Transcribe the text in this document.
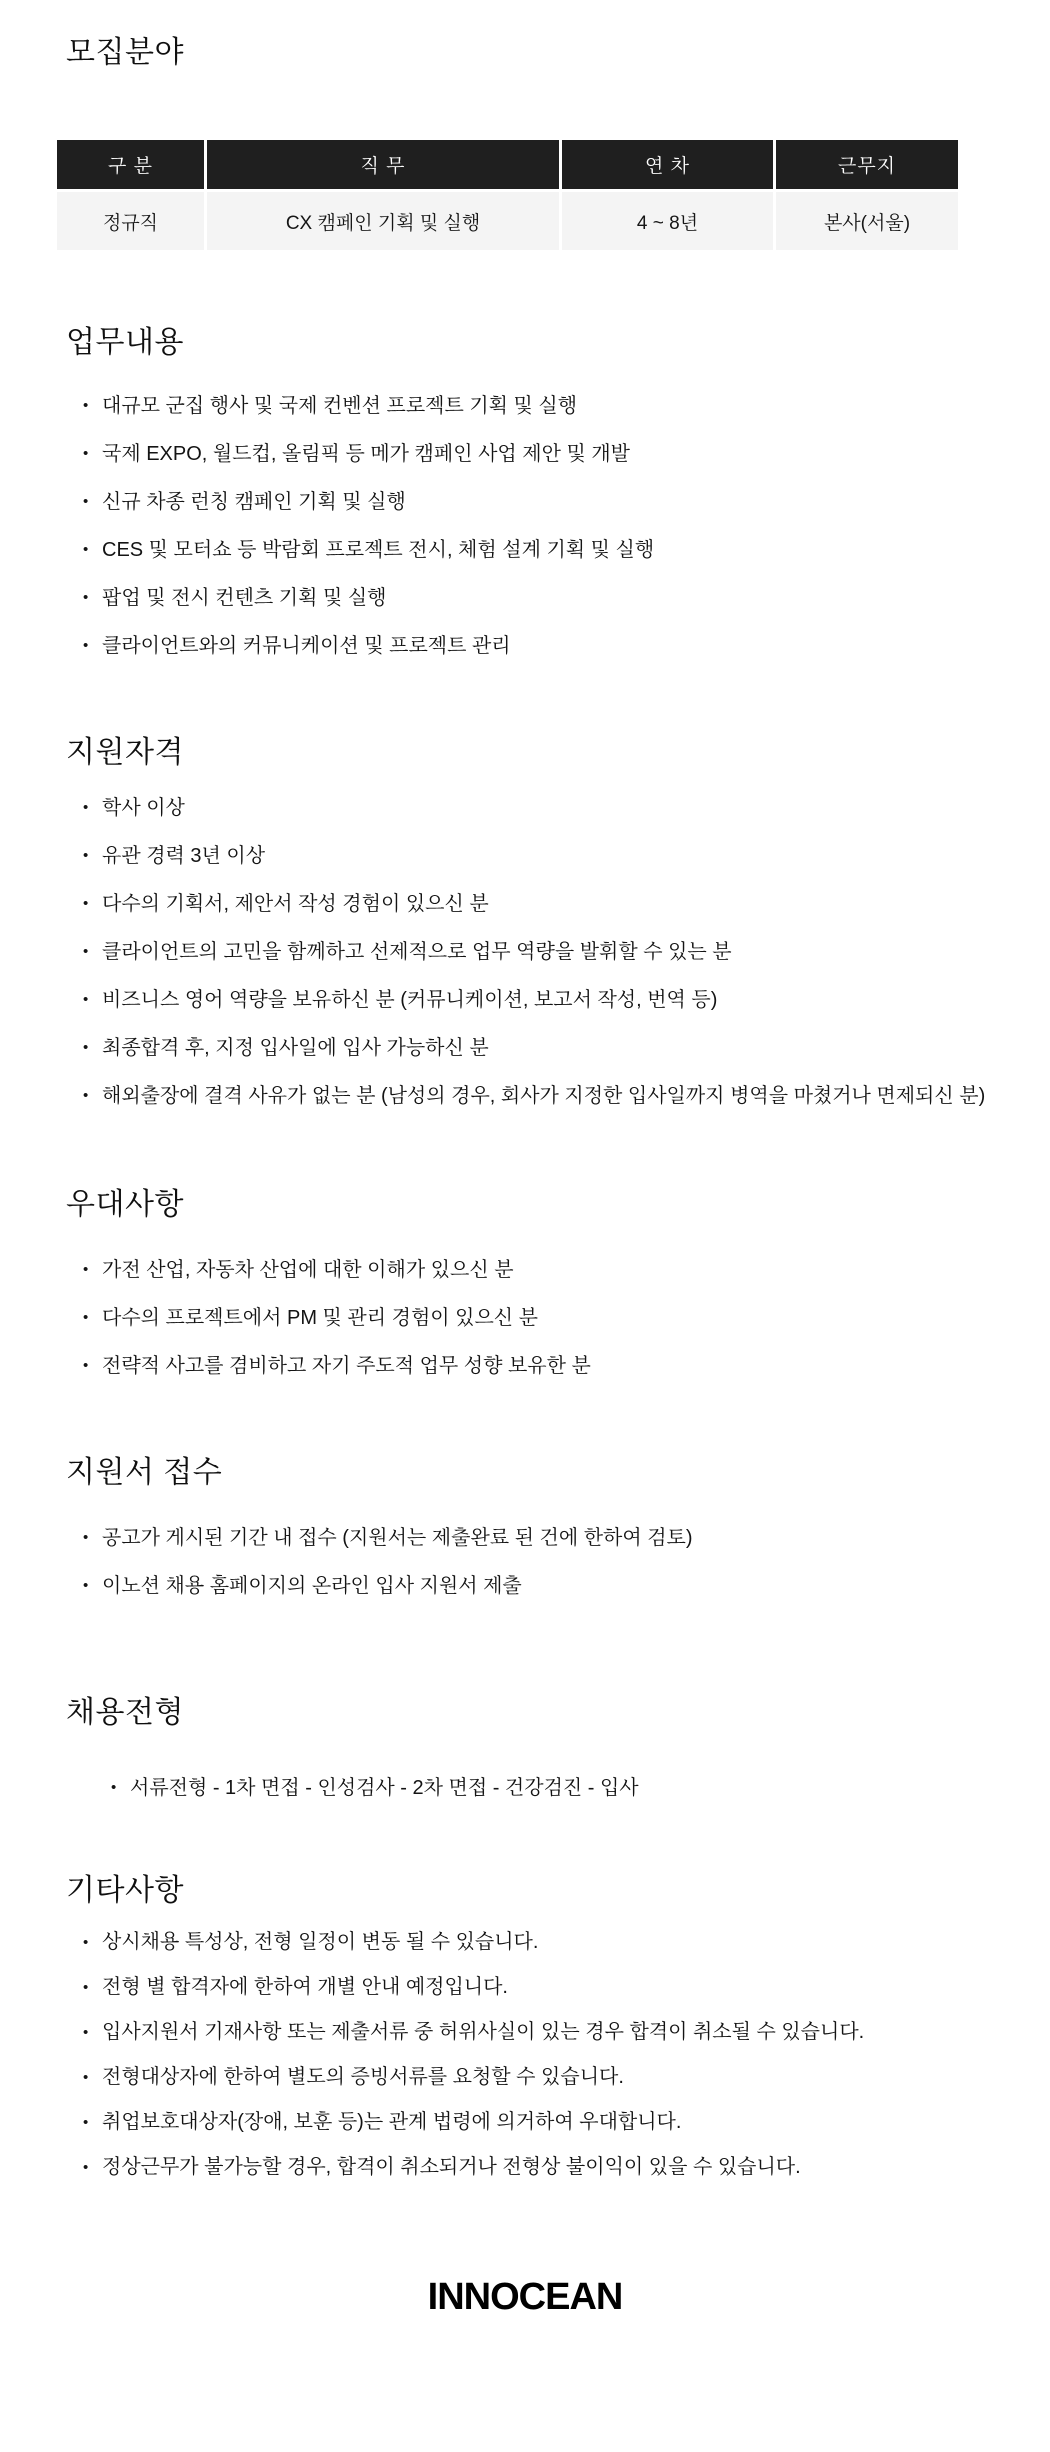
모집분야
구 분	직 무	연 차	근무지
정규직	CX 캠페인 기획 및 실행	4 ~ 8년	본사(서울)
업무내용
• 대규모 군집 행사 및 국제 컨벤션 프로젝트 기획 및 실행
• 국제 EXPO, 월드컵, 올림픽 등 메가 캠페인 사업 제안 및 개발
• 신규 차종 런칭 캠페인 기획 및 실행
• CES 및 모터쇼 등 박람회 프로젝트 전시, 체험 설계 기획 및 실행
• 팝업 및 전시 컨텐츠 기획 및 실행
• 클라이언트와의 커뮤니케이션 및 프로젝트 관리
지원자격
• 학사 이상
• 유관 경력 3년 이상
• 다수의 기획서, 제안서 작성 경험이 있으신 분
• 클라이언트의 고민을 함께하고 선제적으로 업무 역량을 발휘할 수 있는 분
• 비즈니스 영어 역량을 보유하신 분 (커뮤니케이션, 보고서 작성, 번역 등)
• 최종합격 후, 지정 입사일에 입사 가능하신 분
• 해외출장에 결격 사유가 없는 분 (남성의 경우, 회사가 지정한 입사일까지 병역을 마쳤거나 면제되신 분)
우대사항
• 가전 산업, 자동차 산업에 대한 이해가 있으신 분
• 다수의 프로젝트에서 PM 및 관리 경험이 있으신 분
• 전략적 사고를 겸비하고 자기 주도적 업무 성향 보유한 분
지원서 접수
• 공고가 게시된 기간 내 접수 (지원서는 제출완료 된 건에 한하여 검토)
• 이노션 채용 홈페이지의 온라인 입사 지원서 제출
채용전형
• 서류전형 - 1차 면접 - 인성검사 - 2차 면접 - 건강검진 - 입사
기타사항
• 상시채용 특성상, 전형 일정이 변동 될 수 있습니다.
• 전형 별 합격자에 한하여 개별 안내 예정입니다.
• 입사지원서 기재사항 또는 제출서류 중 허위사실이 있는 경우 합격이 취소될 수 있습니다.
• 전형대상자에 한하여 별도의 증빙서류를 요청할 수 있습니다.
• 취업보호대상자(장애, 보훈 등)는 관계 법령에 의거하여 우대합니다.
• 정상근무가 불가능할 경우, 합격이 취소되거나 전형상 불이익이 있을 수 있습니다.
INNOCEAN
